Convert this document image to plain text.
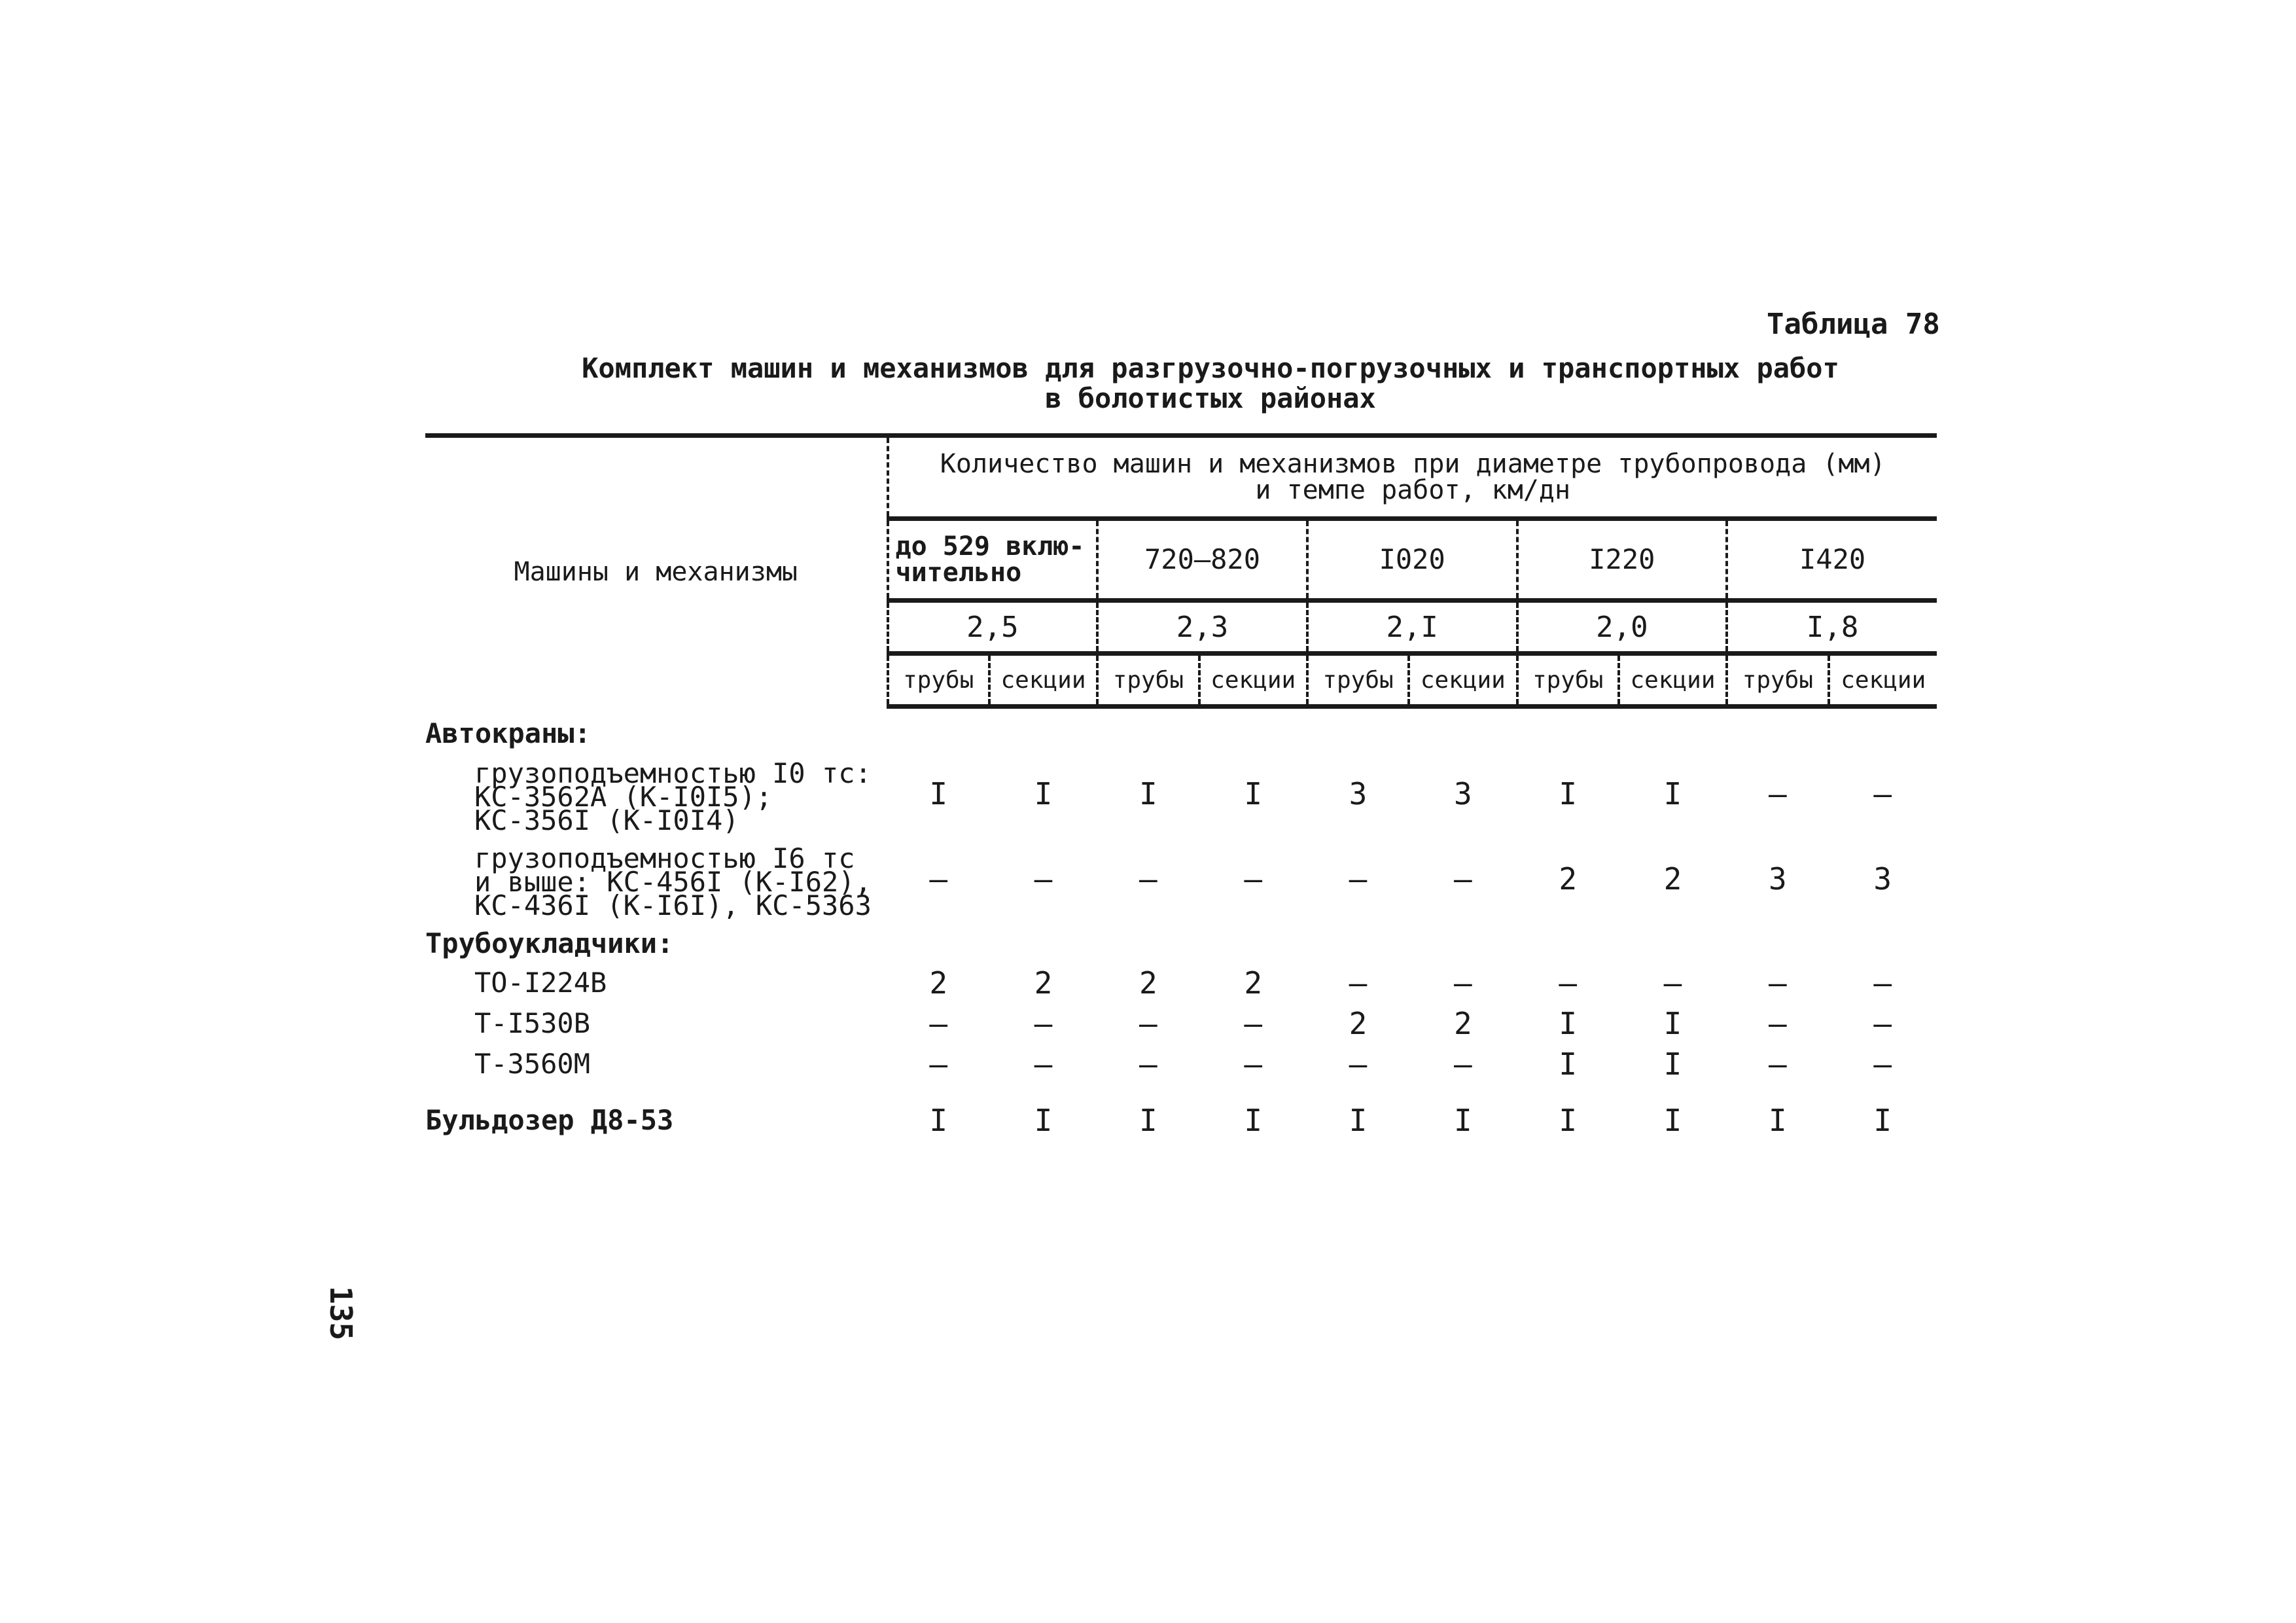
Таблица 78
Комплект машин и механизмов для разгрузочно-погрузочных и транспортных работ
в болотистых районах
Машины и механизмы	Количество машин и механизмов при диаметре трубопровода (мм)
и темпе работ, км/дн									

	до 529 вклю-чительно		720–820		I020		I220		I420	
	2,5		2,3		2,I		2,0		I,8	
	трубы	секции	трубы	секции	трубы	секции	трубы	секции	трубы	секции
Автокраны:										

грузоподъемностью I0 тс:
КС-3562А (К-I0I5);
КС-356I (К-I0I4)	I	I	I	I	3	3	I	I	–	–

грузоподъемностью I6 тс
и выше: КС-456I (К-I62),
КС-436I (К-I6I), КС-5363	–	–	–	–	–	–	2	2	3	3
Трубоукладчики:										
ТО-I224В	2	2	2	2	–	–	–	–	–	–
Т-I530В	–	–	–	–	2	2	I	I	–	–
Т-3560М	–	–	–	–	–	–	I	I	–	–
Бульдозер Д8-53	I	I	I	I	I	I	I	I	I	I
135
